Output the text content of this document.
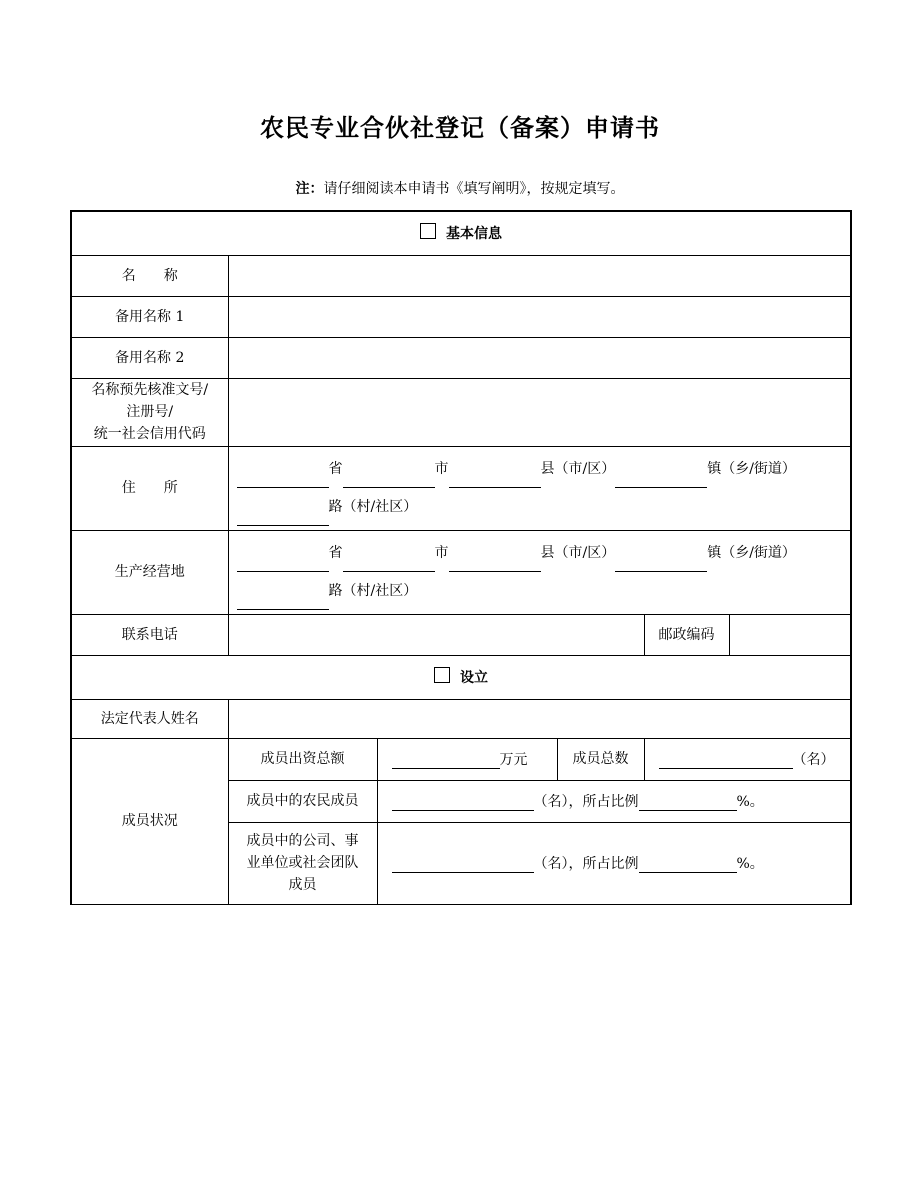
农民专业合伙社登记（备案）申请书
注：请仔细阅读本申请书《填写阐明》，按规定填写。
基本信息					
名 称					
备用名称 1					
备用名称 2					
名称预先核准文号/
注册号/
统一社会信用代码					
住 所	省 市 县（市/区） 镇（乡/街道）
路（村/社区）				
生产经营地	省 市 县（市/区） 镇（乡/街道）
路（村/社区）				
联系电话				邮政编码	
设立					
法定代表人姓名					
成员状况	成员出资总额	万元	成员总数	（名）	
	成员中的农民成员	（名），所占比例 %。			
	成员中的公司、事
业单位或社会团队
成员	（名），所占比例 %。			
